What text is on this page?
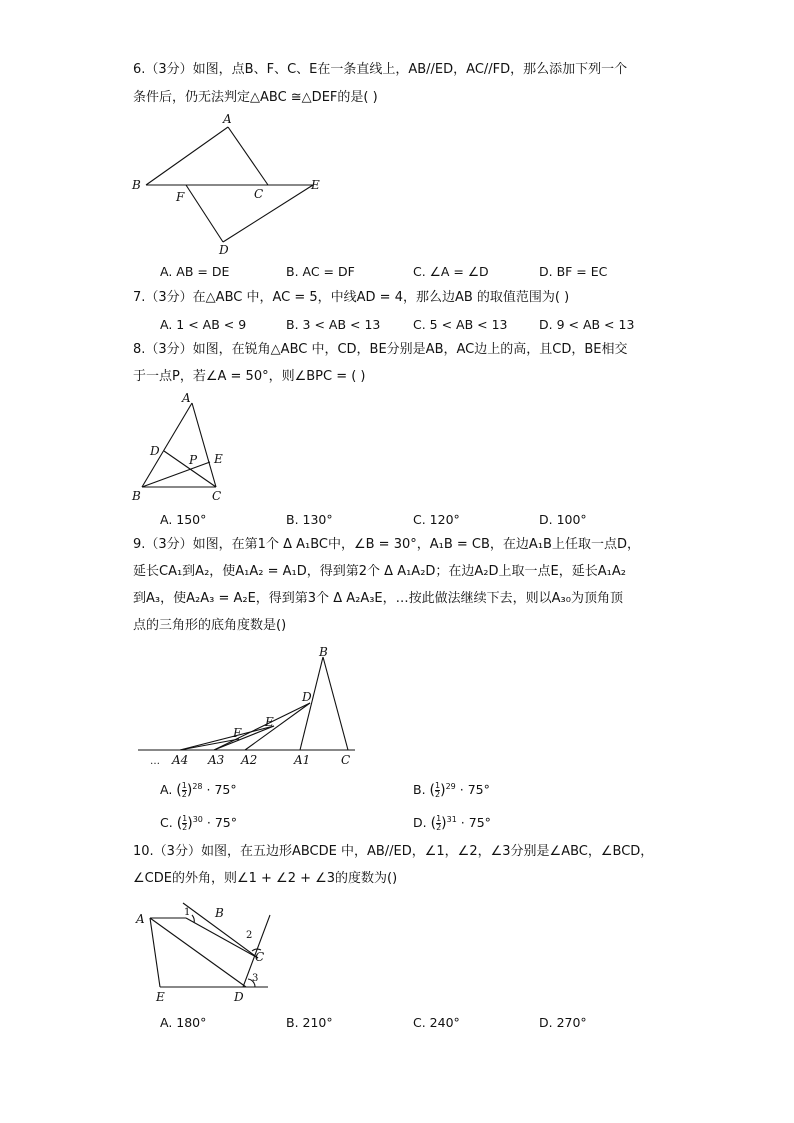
6.（3分）如图，点B、F、C、E在一条直线上，AB//ED，AC//FD，那么添加下列一个
条件后，仍无法判定△ABC ≅△DEF的是( )
A
B
F	C
E
D
A. AB = DE	B. AC = DF	C. ∠A = ∠D	D. BF = EC
7.（3分）在△ABC 中，AC = 5，中线AD = 4，那么边AB 的取值范围为( )
A. 1 < AB < 9	B. 3 < AB < 13	C. 5 < AB < 13	D. 9 < AB < 13
8.（3分）如图，在锐角△ABC 中，CD，BE分别是AB，AC边上的高，且CD，BE相交
于一点P，若∠A = 50°，则∠BPC = ( )
A
D
P E
B	C
A. 150°	B. 130°	C. 120°	D. 100°
9.（3分）如图，在第1个 Δ A₁BC中，∠B = 30°，A₁B = CB，在边A₁B上任取一点D，
延长CA₁到A₂，使A₁A₂ = A₁D，得到第2个 Δ A₁A₂D；在边A₂D上取一点E，延长A₁A₂
到A₃，使A₂A₃ = A₂E，得到第3个 Δ A₂A₃E，…按此做法继续下去，则以A₃₀为顶角顶
点的三角形的底角度数是()
B
D
E
F
… A4 A3 A2	A1	C
A. ( $\frac{1}{2} )^{28} \cdot 75^\circ$	B. ( $\frac{1}{2} )^{29} \cdot 75^\circ$
C. ( $\frac{1}{2} )^{30} \cdot 75^\circ$	D. ( $\frac{1}{2} )^{31} \cdot 75^\circ$
10.（3分）如图，在五边形ABCDE 中，AB//ED，∠1，∠2，∠3分别是∠ABC，∠BCD，
∠CDE的外角，则∠1 + ∠2 + ∠3的度数为()
A	B
C
D
E
1
2
3
A. 180°	B. 210°	C. 240°	D. 270°
